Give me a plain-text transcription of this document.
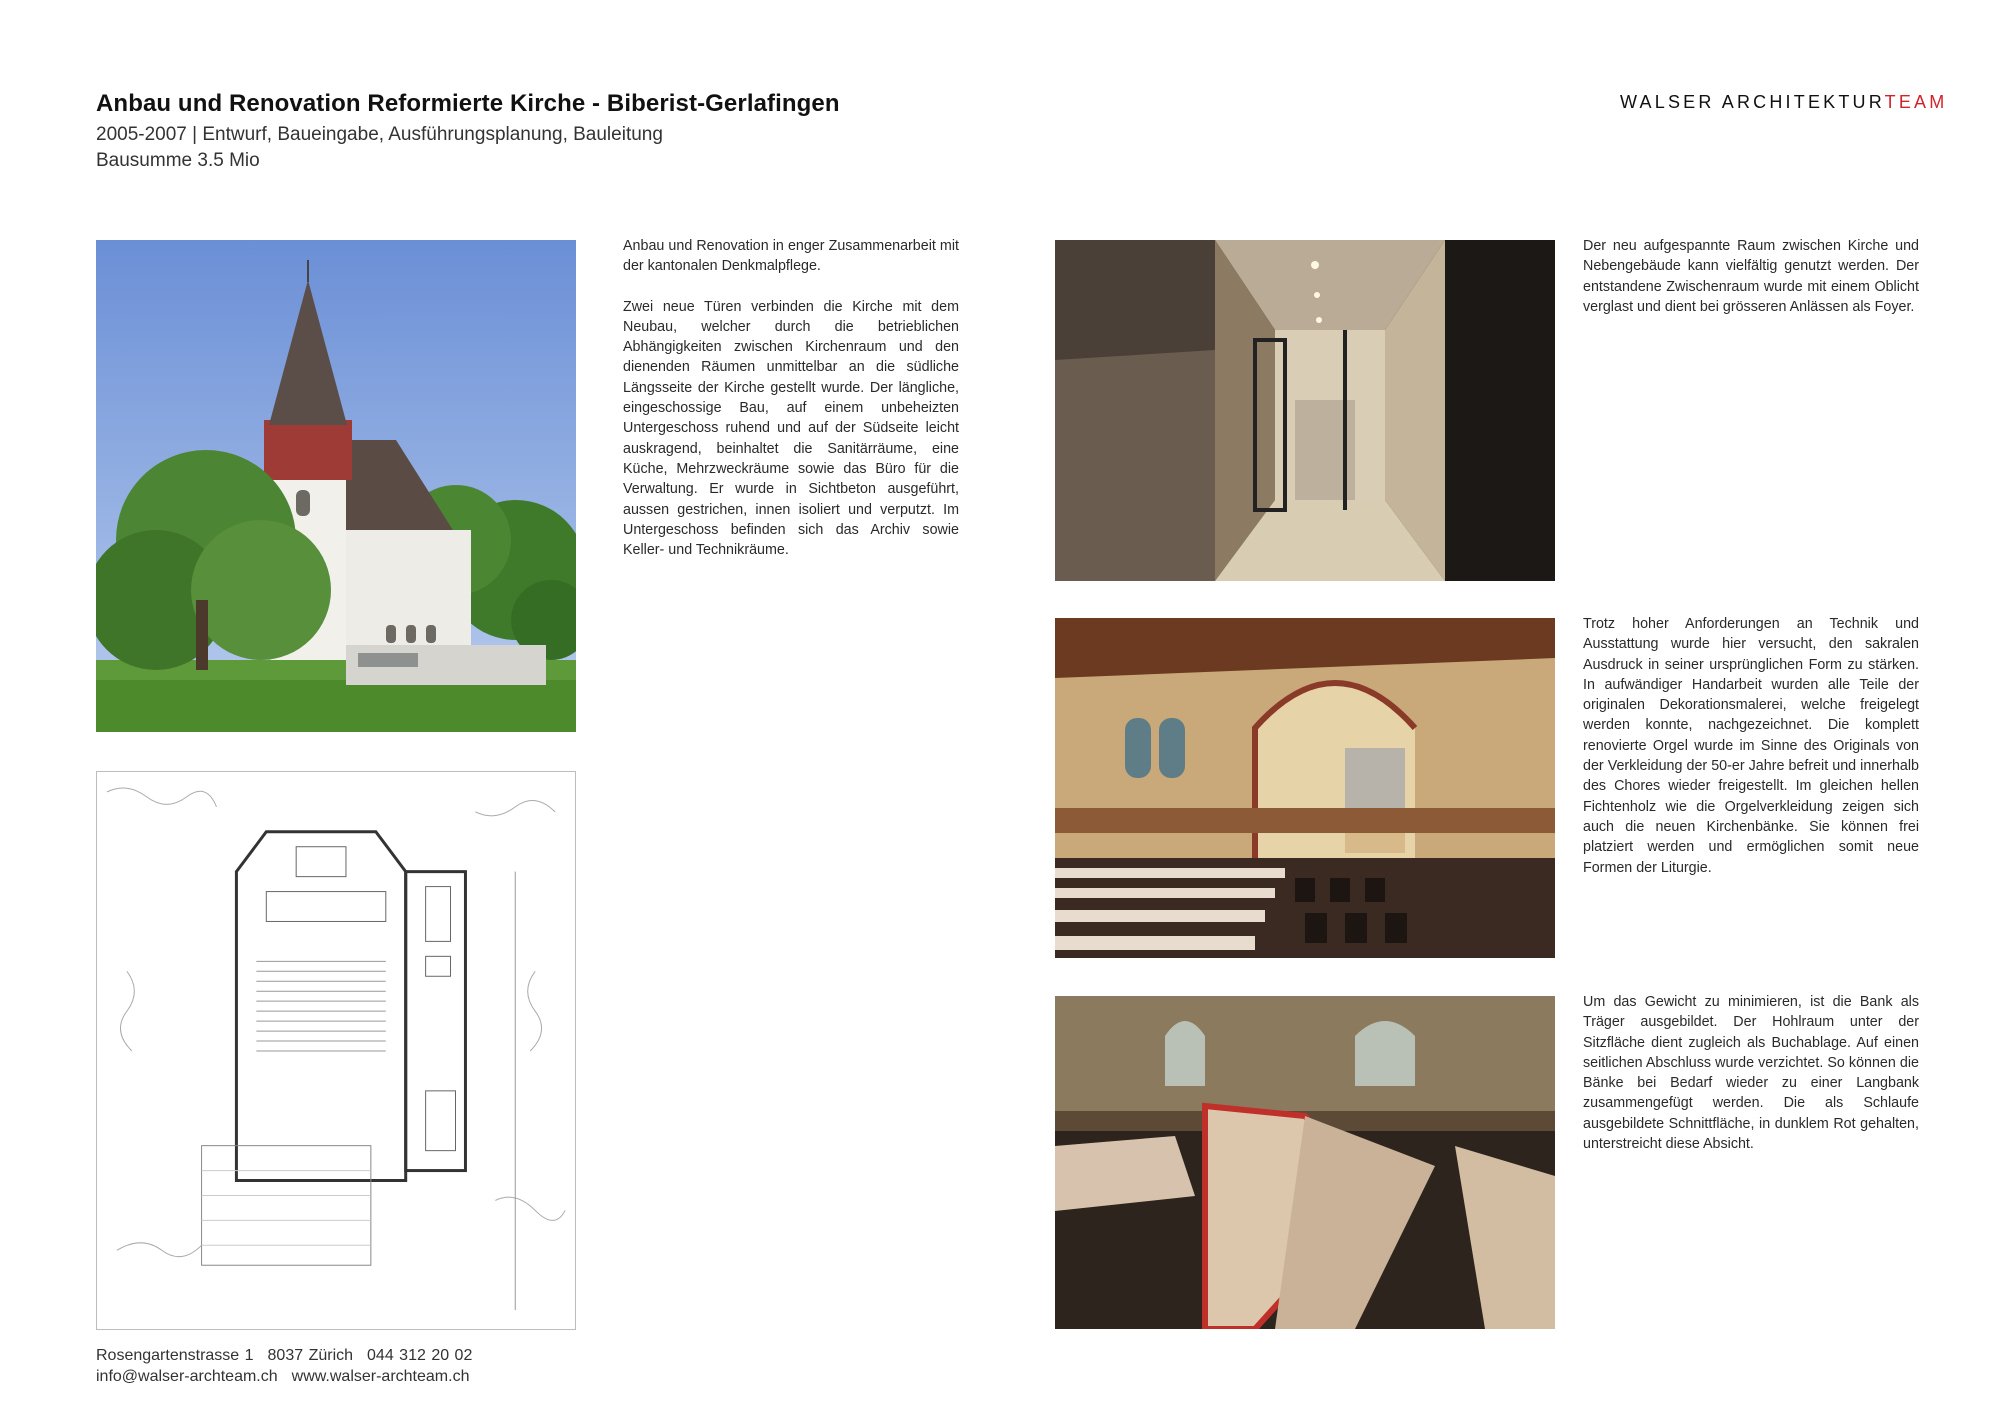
Anbau und Renovation Reformierte Kirche - Biberist-Gerlafingen
2005-2007 | Entwurf, Baueingabe, Ausführungsplanung, Bauleitung
Bausumme 3.5 Mio
WALSER ARCHITEKTURTEAM

Anbau und Renovation in enger Zusammenarbeit mit der kantonalen Denkmalpflege.

Zwei neue Türen verbinden die Kirche mit dem Neubau, welcher durch die betrieblichen Abhängigkeiten zwischen Kirchenraum und den dienenden Räumen unmittelbar an die südliche Längsseite der Kirche gestellt wurde. Der längliche, eingeschossige Bau, auf einem unbeheizten Untergeschoss ruhend und auf der Südseite leicht auskragend, beinhaltet die Sanitärräume, eine Küche, Mehrzweckräume sowie das Büro für die Verwaltung. Er wurde in Sichtbeton ausgeführt, aussen gestrichen, innen isoliert und verputzt. Im Untergeschoss befinden sich das Archiv sowie Keller- und Technikräume.

Der neu aufgespannte Raum zwischen Kirche und Nebengebäude kann vielfältig genutzt werden. Der entstandene Zwischenraum wurde mit einem Oblicht verglast und dient bei grösseren Anlässen als Foyer.
Trotz hoher Anforderungen an Technik und Ausstattung wurde hier versucht, den sakralen Ausdruck in seiner ursprünglichen Form zu stärken. In aufwändiger Handarbeit wurden alle Teile der originalen Dekorationsmalerei, welche freigelegt werden konnte, nachgezeichnet. Die komplett renovierte Orgel wurde im Sinne des Originals von der Verkleidung der 50-er Jahre befreit und innerhalb des Chores wieder freigestellt. Im gleichen hellen Fichtenholz wie die Orgelverkleidung zeigen sich auch die neuen Kirchenbänke. Sie können frei platziert werden und ermöglichen somit neue Formen der Liturgie.
Um das Gewicht zu minimieren, ist die Bank als Träger ausgebildet. Der Hohlraum unter der Sitzfläche dient zugleich als Buchablage. Auf einen seitlichen Abschluss wurde verzichtet. So können die Bänke bei Bedarf wieder zu einer Langbank zusammengefügt werden. Die als Schlaufe ausgebildete Schnittfläche, in dunklem Rot gehalten, unterstreicht diese Absicht.
Rosengartenstrasse 1 8037 Zürich 044 312 20 02
info@walser-archteam.ch www.walser-archteam.ch
